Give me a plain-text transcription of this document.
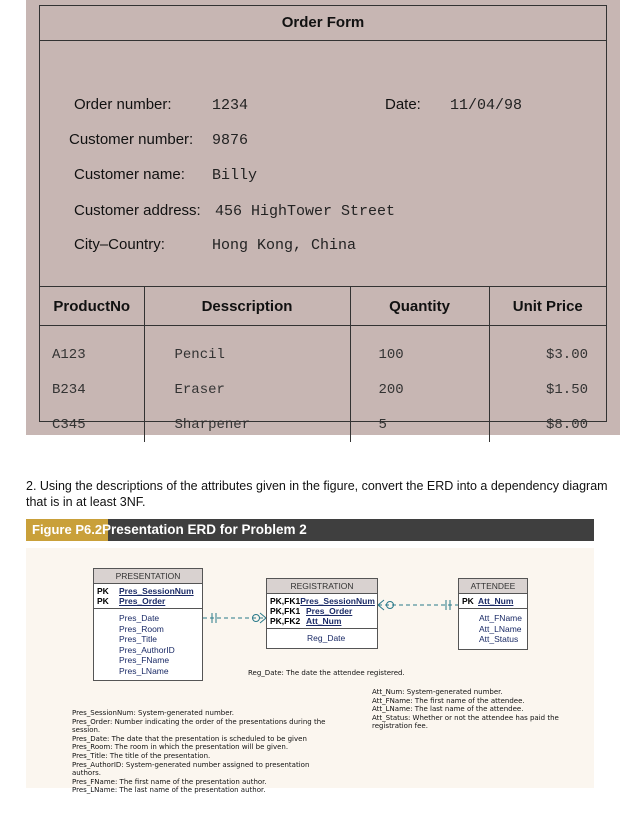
Order Form
Order number:	1234	Date: 11/04/98
Customer number: 9876
Customer name: Billy
Customer address: 456 HighTower Street
City–Country:	Hong Kong, China
ProductNo	Desscription	Quantity	Unit Price
A123	Pencil	100	$3.00
B234	Eraser	200	$1.50
C345	Sharpener	5	$8.00
2. Using the descriptions of the attributes given in the figure, convert the ERD into a dependency diagram that is in at least 3NF.
Figure P6.2 Presentation ERD for Problem 2
PRESENTATION
PK	Pres_SessionNum
PK	Pres_Order
Pres_Date
Pres_Room
Pres_Title
Pres_AuthorID
Pres_FName
Pres_LName
REGISTRATION
PK,FK1 Pres_SessionNum
PK,FK1 Pres_Order
PK,FK2 Att_Num
Reg_Date
ATTENDEE
PK Att_Num
Att_FName
Att_LName
Att_Status
Reg_Date: The date the attendee registered.
Att_Num: System-generated number.
Att_FName: The first name of the attendee.
Att_LName: The last name of the attendee.
Att_Status: Whether or not the attendee has paid the registration fee.
Pres_SessionNum: System-generated number.
Pres_Order: Number indicating the order of the presentations during the session.
Pres_Date: The date that the presentation is scheduled to be given
Pres_Room: The room in which the presentation will be given.
Pres_Title: The title of the presentation.
Pres_AuthorID: System-generated number assigned to presentation authors.
Pres_FName: The first name of the presentation author.
Pres_LName: The last name of the presentation author.
